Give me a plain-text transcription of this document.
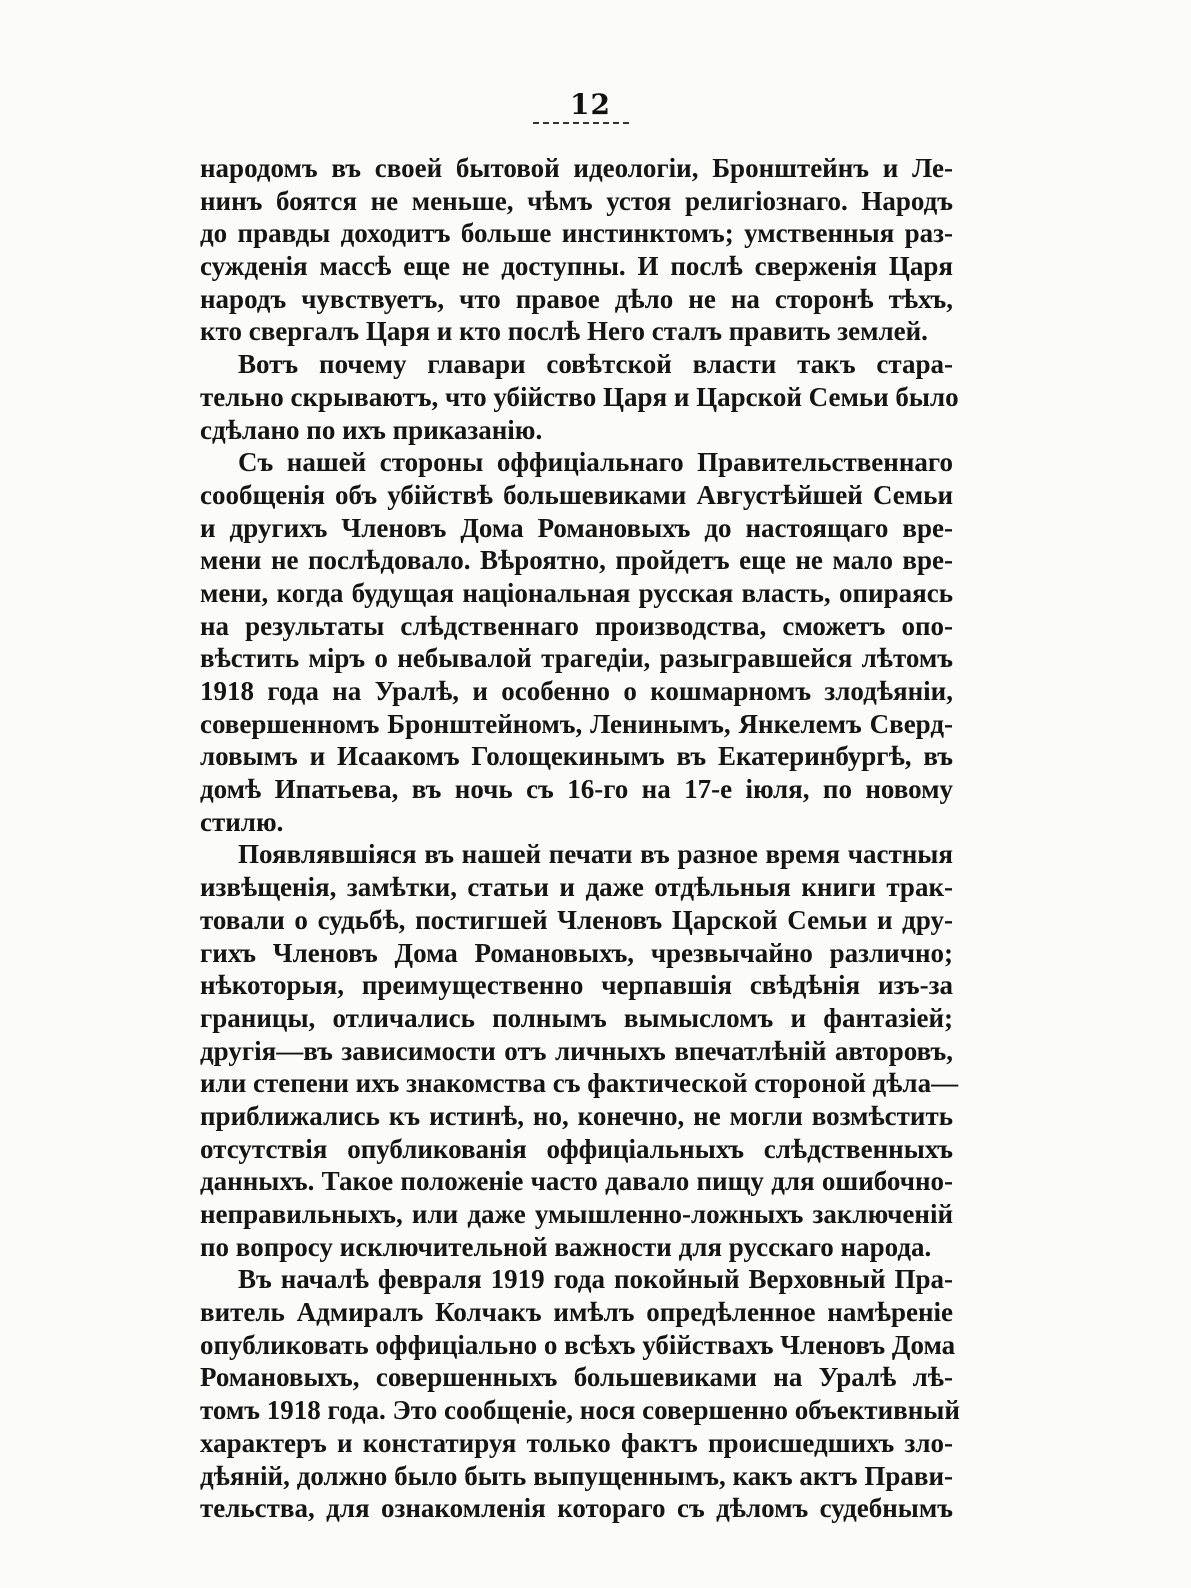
12
народомъ въ своей бытовой идеологіи, Бронштейнъ и Ле-
нинъ боятся не меньше, чѣмъ устоя религіознаго. Народъ
до правды доходитъ больше инстинктомъ; умственныя раз-
сужденія массѣ еще не доступны. И послѣ сверженія Царя
народъ чувствуетъ, что правое дѣло не на сторонѣ тѣхъ,
кто свергалъ Царя и кто послѣ Него сталъ править землей.
Вотъ почему главари совѣтской власти такъ стара-
тельно скрываютъ, что убійство Царя и Царской Семьи было
сдѣлано по ихъ приказанію.
Съ нашей стороны оффиціальнаго Правительственнаго
сообщенія объ убійствѣ большевиками Августѣйшей Семьи
и другихъ Членовъ Дома Романовыхъ до настоящаго вре-
мени не послѣдовало. Вѣроятно, пройдетъ еще не мало вре-
мени, когда будущая національная русская власть, опираясь
на результаты слѣдственнаго производства, сможетъ опо-
вѣстить міръ о небывалой трагедіи, разыгравшейся лѣтомъ
1918 года на Уралѣ, и особенно о кошмарномъ злодѣяніи,
совершенномъ Бронштейномъ, Ленинымъ, Янкелемъ Сверд-
ловымъ и Исаакомъ Голощекинымъ въ Екатеринбургѣ, въ
домѣ Ипатьева, въ ночь съ 16-го на 17-е іюля, по новому
стилю.
Появлявшіяся въ нашей печати въ разное время частныя
извѣщенія, замѣтки, статьи и даже отдѣльныя книги трак-
товали о судьбѣ, постигшей Членовъ Царской Семьи и дру-
гихъ Членовъ Дома Романовыхъ, чрезвычайно различно;
нѣкоторыя, преимущественно черпавшія свѣдѣнія изъ-за
границы, отличались полнымъ вымысломъ и фантазіей;
другія—въ зависимости отъ личныхъ впечатлѣній авторовъ,
или степени ихъ знакомства съ фактической стороной дѣла—
приближались къ истинѣ, но, конечно, не могли возмѣстить
отсутствія опубликованія оффиціальныхъ слѣдственныхъ
данныхъ. Такое положеніе часто давало пищу для ошибочно-
неправильныхъ, или даже умышленно-ложныхъ заключеній
по вопросу исключительной важности для русскаго народа.
Въ началѣ февраля 1919 года покойный Верховный Пра-
витель Адмиралъ Колчакъ имѣлъ опредѣленное намѣреніе
опубликовать оффиціально о всѣхъ убійствахъ Членовъ Дома
Романовыхъ, совершенныхъ большевиками на Уралѣ лѣ-
томъ 1918 года. Это сообщеніе, нося совершенно объективный
характеръ и констатируя только фактъ происшедшихъ зло-
дѣяній, должно было быть выпущеннымъ, какъ актъ Прави-
тельства, для ознакомленія котораго съ дѣломъ судебнымъ
